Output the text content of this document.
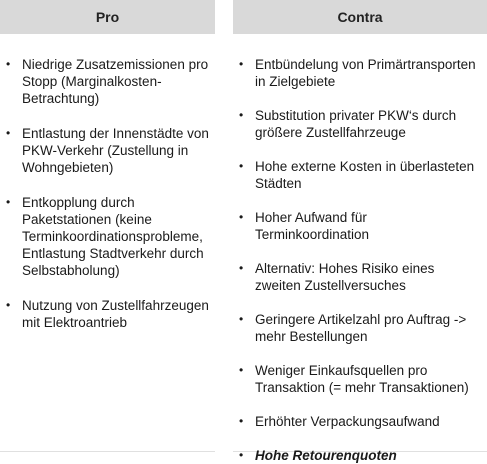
Pro
• Niedrige Zusatzemissionen pro Stopp (Marginalkosten-Betrachtung)
• Entlastung der Innenstädte von PKW-Verkehr (Zustellung in Wohngebieten)
• Entkopplung durch Paketstationen (keine Terminkoordinationsprobleme, Entlastung Stadtverkehr durch Selbstabholung)
• Nutzung von Zustellfahrzeugen mit Elektroantrieb
Contra
• Entbündelung von Primärtransporten in Zielgebiete
• Substitution privater PKW‘s durch größere Zustellfahrzeuge
• Hohe externe Kosten in überlasteten Städten
• Hoher Aufwand für Terminkoordination
• Alternativ: Hohes Risiko eines zweiten Zustellversuches
• Geringere Artikelzahl pro Auftrag -> mehr Bestellungen
• Weniger Einkaufsquellen pro Transaktion (= mehr Transaktionen)
• Erhöhter Verpackungsaufwand
• Hohe Retourenquoten
